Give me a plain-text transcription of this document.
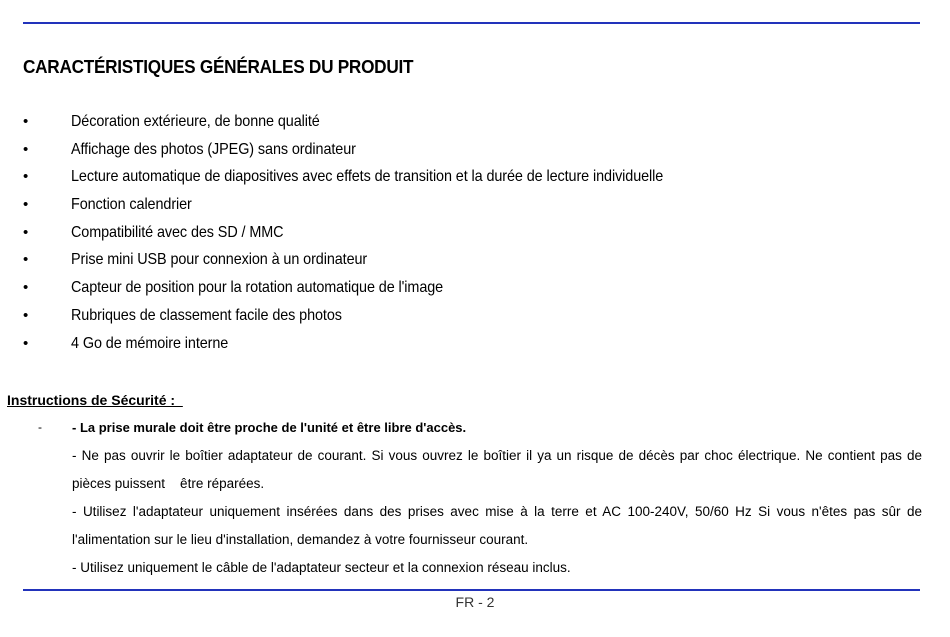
CARACTÉRISTIQUES GÉNÉRALES DU PRODUIT
•	Décoration extérieure, de bonne qualité
•	Affichage des photos (JPEG) sans ordinateur
•	Lecture automatique de diapositives avec effets de transition et la durée de lecture individuelle
•	Fonction calendrier
•	Compatibilité avec des SD / MMC
•	Prise mini USB pour connexion à un ordinateur
•	Capteur de position pour la rotation automatique de l'image
•	Rubriques de classement facile des photos
•	4 Go de mémoire interne
Instructions de Sécurité :
- - La prise murale doit être proche de l'unité et être libre d'accès.
- Ne pas ouvrir le boîtier adaptateur de courant. Si vous ouvrez le boîtier il ya un risque de décès par choc électrique. Ne contient pas de
pièces puissent    être réparées.
- Utilisez l'adaptateur uniquement insérées dans des prises avec mise à la terre et AC 100-240V, 50/60 Hz Si vous n'êtes pas sûr de
l'alimentation sur le lieu d'installation, demandez à votre fournisseur courant.
- Utilisez uniquement le câble de l'adaptateur secteur et la connexion réseau inclus.
FR - 2
